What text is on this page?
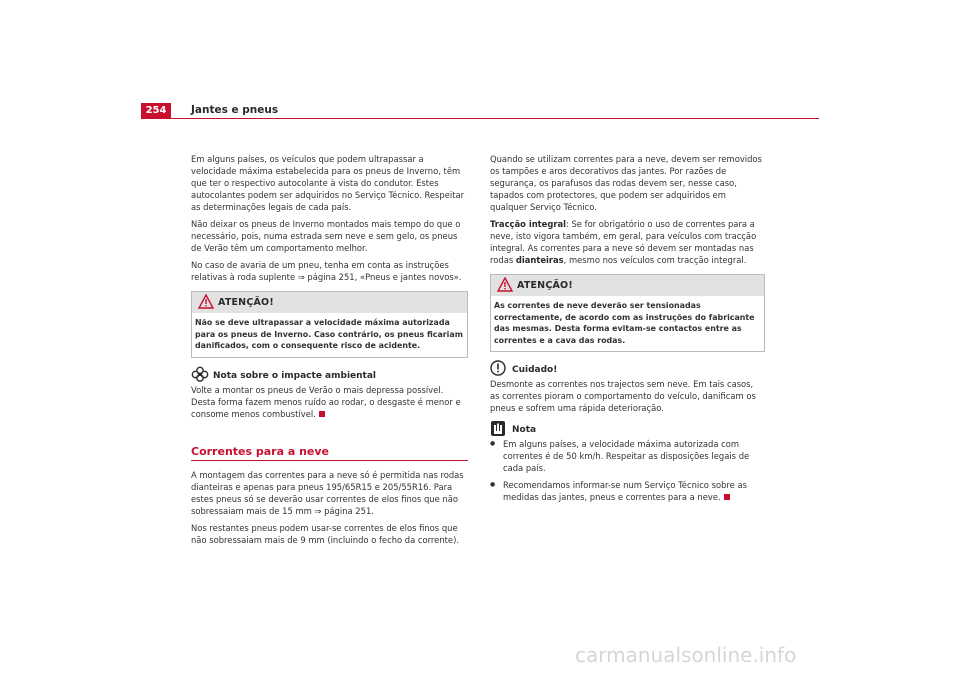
254	Jantes e pneus

Em alguns países, os veículos que podem ultrapassar a velocidade máxima estabelecida para os pneus de Inverno, têm que ter o respectivo autocolante à vista do condutor. Estes autocolantes podem ser adquiridos no Serviço Técnico. Respeitar as determinações legais de cada país.

Não deixar os pneus de Inverno montados mais tempo do que o necessário, pois, numa estrada sem neve e sem gelo, os pneus de Verão têm um comportamento melhor.

No caso de avaria de um pneu, tenha em conta as instruções relativas à roda suplente ⇒ página 251, «Pneus e jantes novos».

ATENÇÃO!
Não se deve ultrapassar a velocidade máxima autorizada para os pneus de Inverno. Caso contrário, os pneus ficariam danificados, com o consequente risco de acidente.
Nota sobre o impacte ambiental

Volte a montar os pneus de Verão o mais depressa possível. Desta forma fazem menos ruído ao rodar, o desgaste é menor e consome menos combustível.

Correntes para a neve

A montagem das correntes para a neve só é permitida nas rodas dianteiras e apenas para pneus 195/65R15 e 205/55R16. Para estes pneus só se deverão usar correntes de elos finos que não sobressaiam mais de 15 mm ⇒ página 251.

Nos restantes pneus podem usar-se correntes de elos finos que não sobressaiam mais de 9 mm (incluindo o fecho da corrente).

Quando se utilizam correntes para a neve, devem ser removidos os tampões e aros decorativos das jantes. Por razões de segurança, os parafusos das rodas devem ser, nesse caso, tapados com protectores, que podem ser adquiridos em qualquer Serviço Técnico.

Tracção integral: Se for obrigatório o uso de correntes para a neve, isto vigora também, em geral, para veículos com tracção integral. As correntes para a neve só devem ser montadas nas rodas dianteiras, mesmo nos veículos com tracção integral.

ATENÇÃO!
As correntes de neve deverão ser tensionadas correctamente, de acordo com as instruções do fabricante das mesmas. Desta forma evitam-se contactos entre as correntes e a cava das rodas.
Cuidado!

Desmonte as correntes nos trajectos sem neve. Em tais casos, as correntes pioram o comportamento do veículo, danificam os pneus e sofrem uma rápida deterioração.

Nota

● Em alguns países, a velocidade máxima autorizada com correntes é de 50 km/h. Respeitar as disposições legais de cada país.

● Recomendamos informar-se num Serviço Técnico sobre as medidas das jantes, pneus e correntes para a neve.

carmanualsonline.info
